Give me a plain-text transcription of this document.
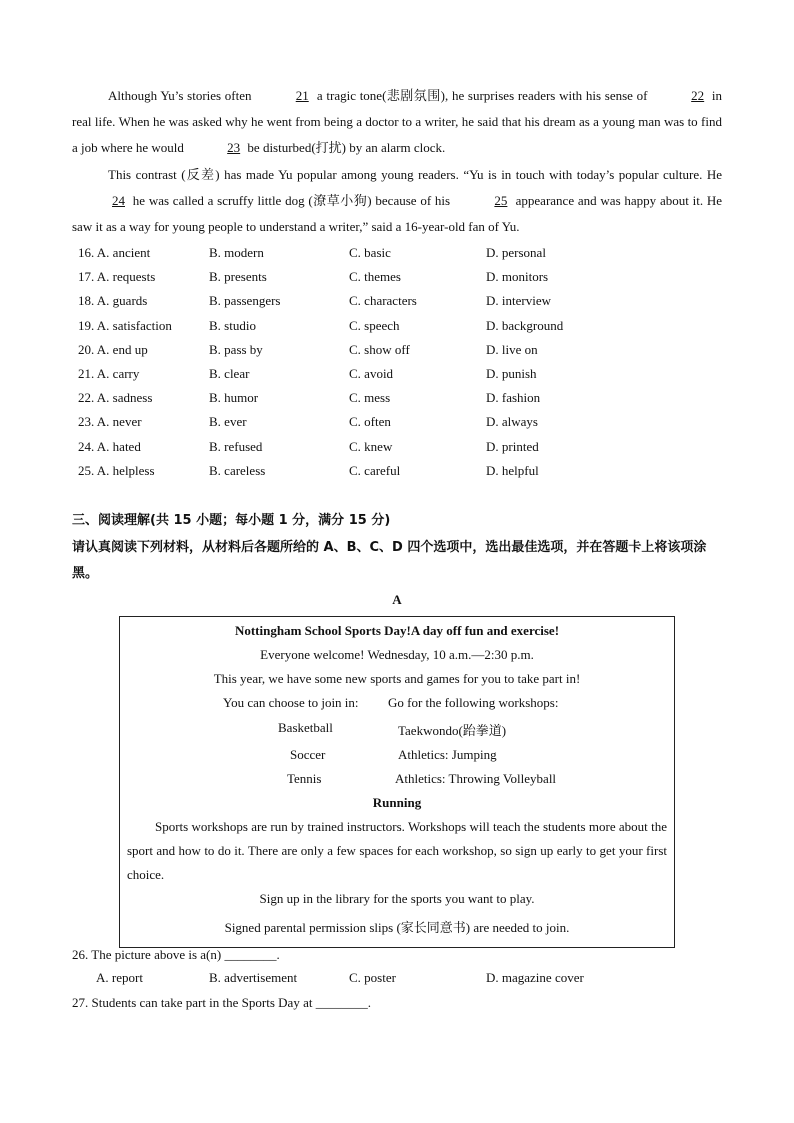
Although Yu’s stories often	21 a tragic tone(悲剧氛围), he surprises readers with his sense of	22 in real life. When he was asked why he went from being a doctor to a writer, he said that his dream as a young man was to find a job where he would	23 be disturbed(打扰) by an alarm clock.

This contrast (反差) has made Yu popular among young readers. “Yu is in touch with today’s popular culture. He 24 he was called a scruffy little dog (潦草小狗) because of his	25 appearance and was happy about it. He saw it as a way for young people to understand a writer,” said a 16-year-old fan of Yu.

16. A. ancient	B. modern	C. basic	D. personal
17. A. requests	B. presents	C. themes	D. monitors
18. A. guards	B. passengers	C. characters	D. interview
19. A. satisfaction	B. studio	C. speech	D. background
20. A. end up	B. pass by	C. show off	D. live on
21. A. carry	B. clear	C. avoid	D. punish
22. A. sadness	B. humor	C. mess	D. fashion
23. A. never	B. ever	C. often	D. always
24. A. hated	B. refused	C. knew	D. printed
25. A. helpless	B. careless	C. careful	D. helpful
三、阅读理解(共 15 小题；每小题 1 分，满分 15 分)
请认真阅读下列材料，从材料后各题所给的 A、B、C、D 四个选项中，选出最佳选项，并在答题卡上将该项涂黑。
A
Nottingham School Sports Day!A day off fun and exercise!
Everyone welcome! Wednesday, 10 a.m.—2:30 p.m.
This year, we have some new sports and games for you to take part in!
You can choose to join in: Go for the following workshops:
Basketball	Taekwondo(跆拳道)
Soccer	Athletics: Jumping
Tennis	Athletics: Throwing Volleyball
Running
Sports workshops are run by trained instructors. Workshops will teach the students more about the sport and how to do it. There are only a few spaces for each workshop, so sign up early to get your first choice.
Sign up in the library for the sports you want to play.
Signed parental permission slips (家长同意书) are needed to join.
26. The picture above is a(n) ________.
A. report	B. advertisement	C. poster	D. magazine cover
27. Students can take part in the Sports Day at ________.
